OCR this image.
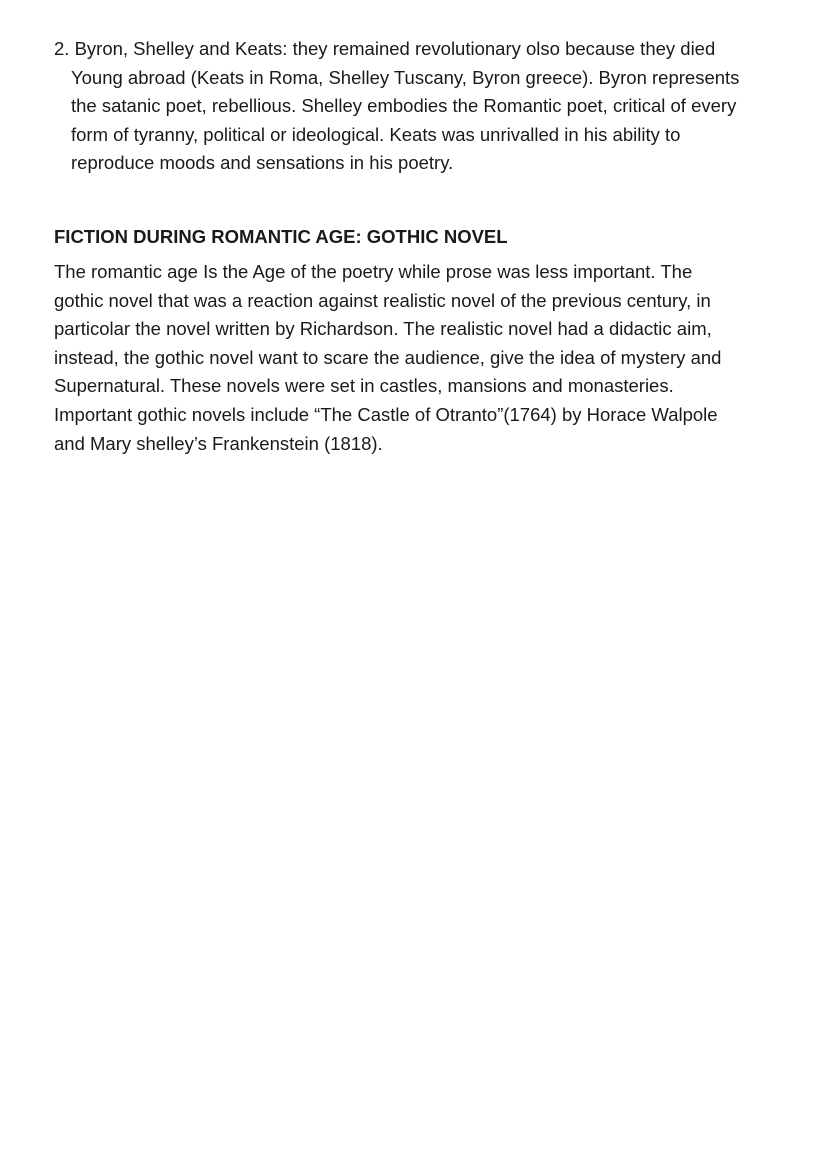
2. Byron, Shelley and Keats: they remained revolutionary olso because they died
Young abroad (Keats in Roma, Shelley Tuscany, Byron greece). Byron represents
the satanic poet, rebellious. Shelley embodies the Romantic poet, critical of every
form of tyranny, political or ideological. Keats was unrivalled in his ability to
reproduce moods and sensations in his poetry.
FICTION DURING ROMANTIC AGE: GOTHIC NOVEL
The romantic age Is the Age of the poetry while prose was less important. The
gothic novel that was a reaction against realistic novel of the previous century, in
particolar the novel written by Richardson. The realistic novel had a didactic aim,
instead, the gothic novel want to scare the audience, give the idea of mystery and
Supernatural. These novels were set in castles, mansions and monasteries.
Important gothic novels include “The Castle of Otranto”(1764) by Horace Walpole
and Mary shelley’s Frankenstein (1818).
